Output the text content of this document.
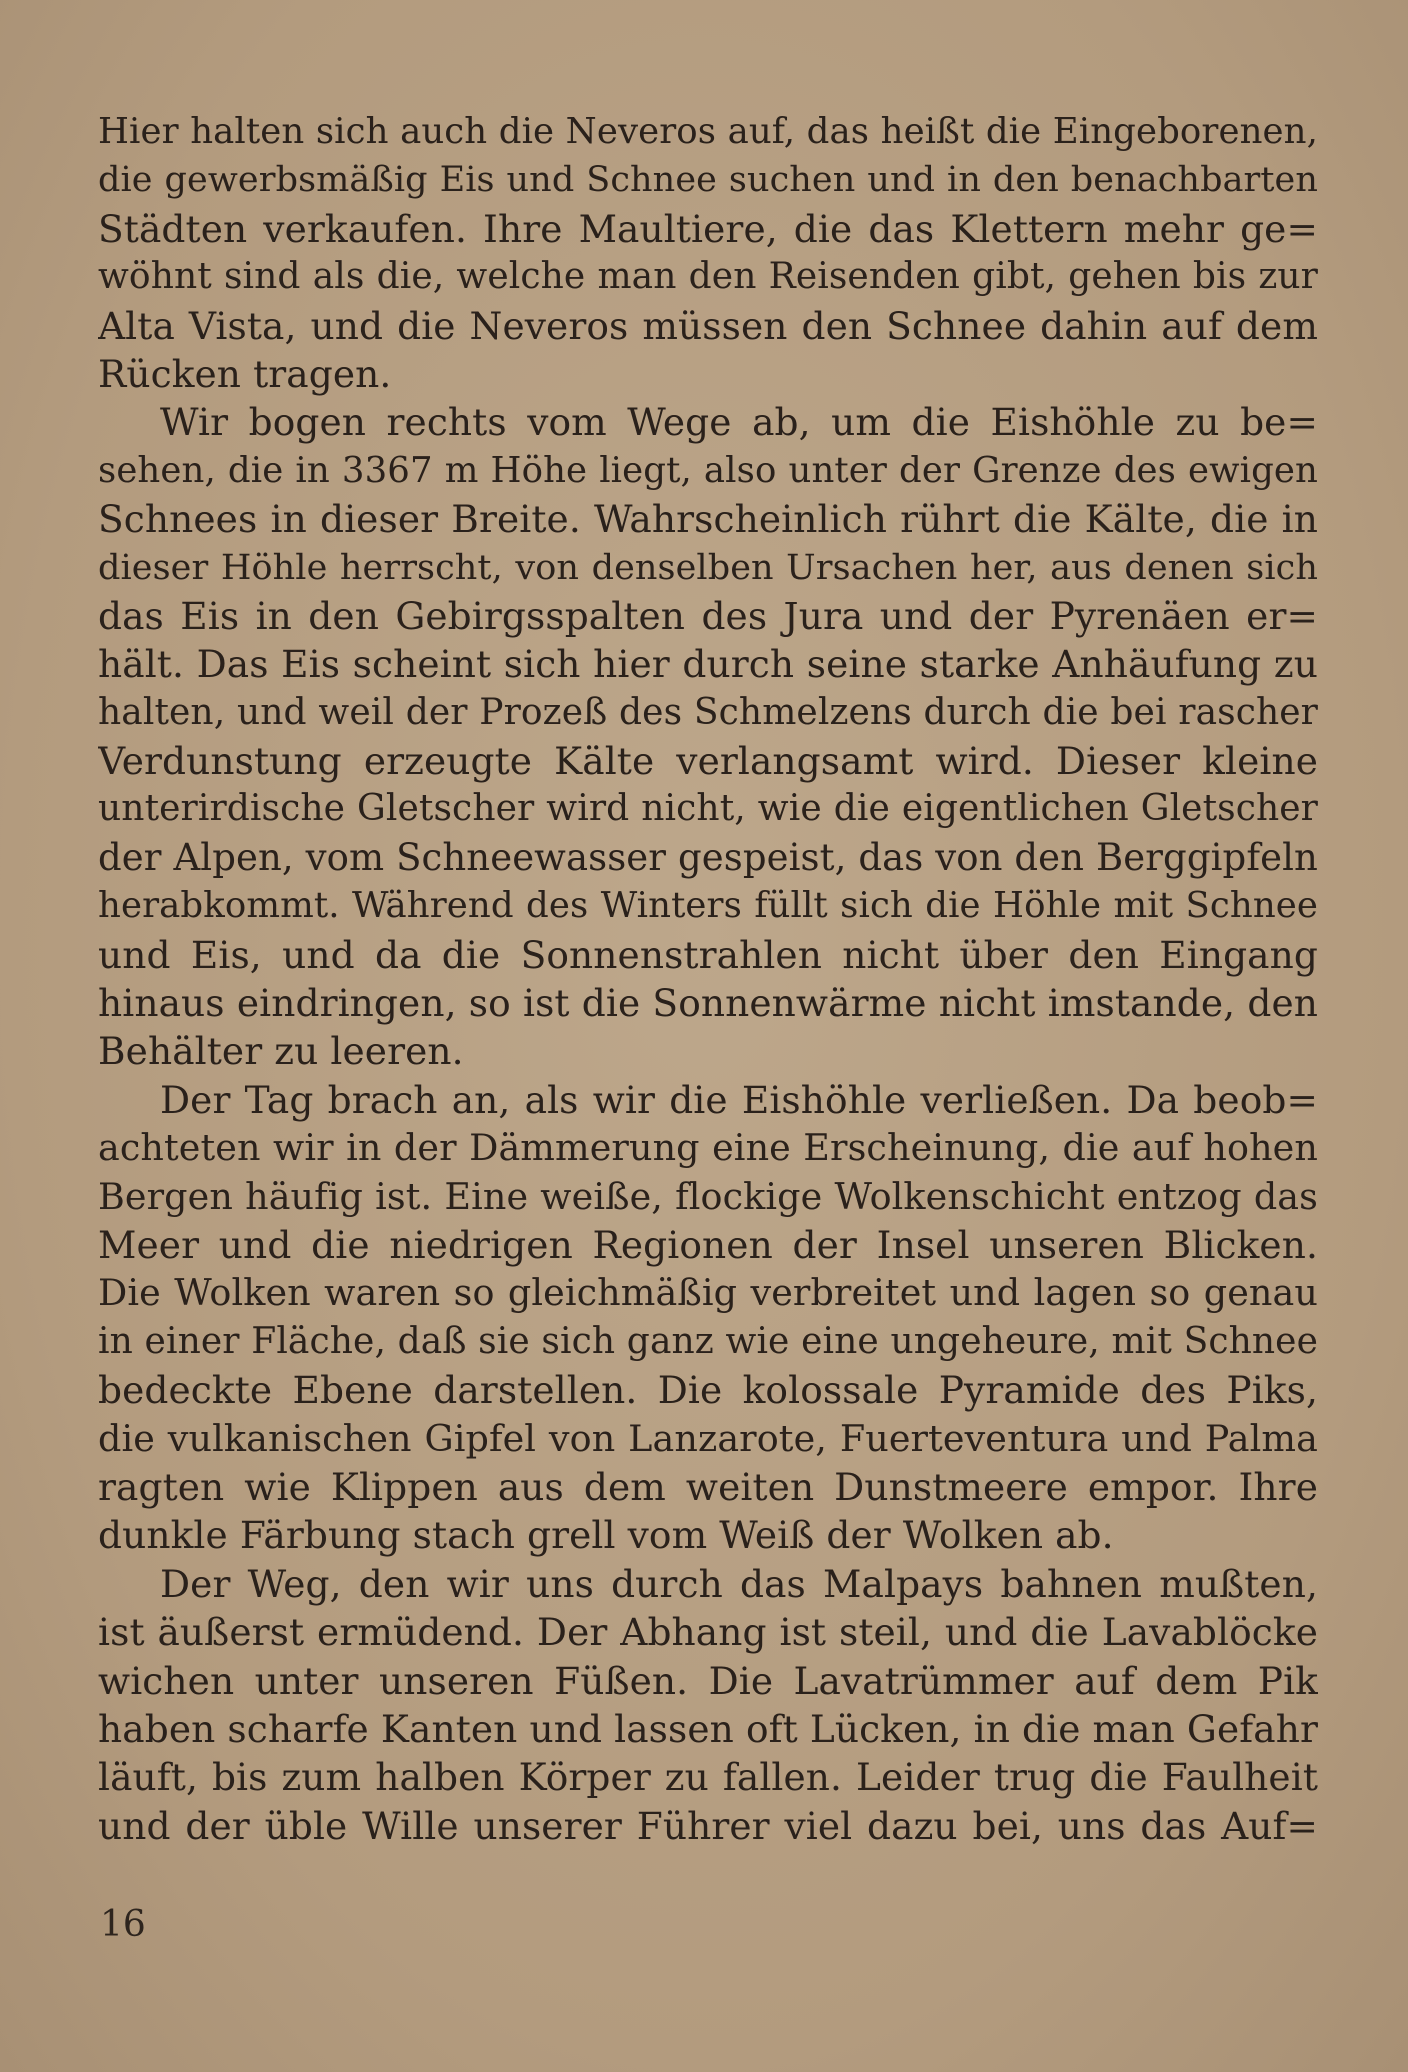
Hier halten sich auch die Neveros auf, das heißt die Eingeborenen,
die gewerbsmäßig Eis und Schnee suchen und in den benachbarten
Städten verkaufen. Ihre Maultiere, die das Klettern mehr ge=
wöhnt sind als die, welche man den Reisenden gibt, gehen bis zur
Alta Vista, und die Neveros müssen den Schnee dahin auf dem
Rücken tragen.
Wir bogen rechts vom Wege ab, um die Eishöhle zu be=
sehen, die in 3367 m Höhe liegt, also unter der Grenze des ewigen
Schnees in dieser Breite. Wahrscheinlich rührt die Kälte, die in
dieser Höhle herrscht, von denselben Ursachen her, aus denen sich
das Eis in den Gebirgsspalten des Jura und der Pyrenäen er=
hält. Das Eis scheint sich hier durch seine starke Anhäufung zu
halten, und weil der Prozeß des Schmelzens durch die bei rascher
Verdunstung erzeugte Kälte verlangsamt wird. Dieser kleine
unterirdische Gletscher wird nicht, wie die eigentlichen Gletscher
der Alpen, vom Schneewasser gespeist, das von den Berggipfeln
herabkommt. Während des Winters füllt sich die Höhle mit Schnee
und Eis, und da die Sonnenstrahlen nicht über den Eingang
hinaus eindringen, so ist die Sonnenwärme nicht imstande, den
Behälter zu leeren.
Der Tag brach an, als wir die Eishöhle verließen. Da beob=
achteten wir in der Dämmerung eine Erscheinung, die auf hohen
Bergen häufig ist. Eine weiße, flockige Wolkenschicht entzog das
Meer und die niedrigen Regionen der Insel unseren Blicken.
Die Wolken waren so gleichmäßig verbreitet und lagen so genau
in einer Fläche, daß sie sich ganz wie eine ungeheure, mit Schnee
bedeckte Ebene darstellen. Die kolossale Pyramide des Piks,
die vulkanischen Gipfel von Lanzarote, Fuerteventura und Palma
ragten wie Klippen aus dem weiten Dunstmeere empor. Ihre
dunkle Färbung stach grell vom Weiß der Wolken ab.
Der Weg, den wir uns durch das Malpays bahnen mußten,
ist äußerst ermüdend. Der Abhang ist steil, und die Lavablöcke
wichen unter unseren Füßen. Die Lavatrümmer auf dem Pik
haben scharfe Kanten und lassen oft Lücken, in die man Gefahr
läuft, bis zum halben Körper zu fallen. Leider trug die Faulheit
und der üble Wille unserer Führer viel dazu bei, uns das Auf=
16
